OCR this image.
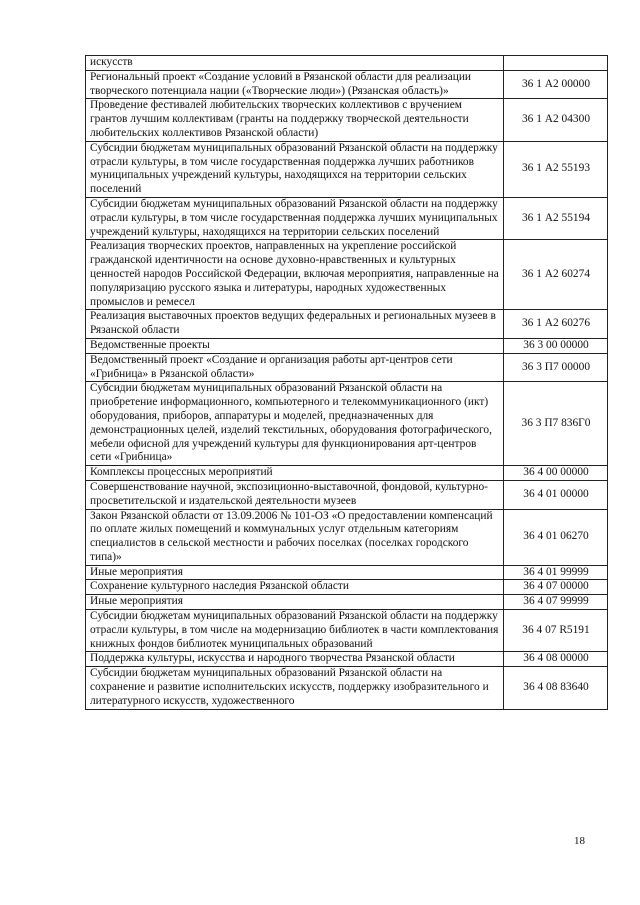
искусств	
Региональный проект «Создание условий в Рязанской области для реализации творческого потенциала нации («Творческие люди») (Рязанская область)»	36 1 А2 00000
Проведение фестивалей любительских творческих коллективов с вручением грантов лучшим коллективам (гранты на поддержку творческой деятельности любительских коллективов Рязанской области)	36 1 А2 04300
Субсидии бюджетам муниципальных образований Рязанской области на поддержку отрасли культуры, в том числе государственная поддержка лучших работников муниципальных учреждений культуры, находящихся на территории сельских поселений	36 1 А2 55193
Субсидии бюджетам муниципальных образований Рязанской области на поддержку отрасли культуры, в том числе государственная поддержка лучших муниципальных учреждений культуры, находящихся на территории сельских поселений	36 1 А2 55194
Реализация творческих проектов, направленных на укрепление российской гражданской идентичности на основе духовно-нравственных и культурных ценностей народов Российской Федерации, включая мероприятия, направленные на популяризацию русского языка и литературы, народных художественных промыслов и ремесел	36 1 А2 60274
Реализация выставочных проектов ведущих федеральных и региональных музеев в Рязанской области	36 1 А2 60276
Ведомственные проекты	36 3 00 00000
Ведомственный проект «Создание и организация работы арт-центров сети «Грибница» в Рязанской области»	36 3 П7 00000
Субсидии бюджетам муниципальных образований Рязанской области на приобретение информационного, компьютерного и телекоммуникационного (икт) оборудования, приборов, аппаратуры и моделей, предназначенных для демонстрационных целей, изделий текстильных, оборудования фотографического, мебели офисной для учреждений культуры для функционирования арт-центров сети «Грибница»	36 3 П7 836Г0
Комплексы процессных мероприятий	36 4 00 00000
Совершенствование научной, экспозиционно-выставочной, фондовой, культурно-просветительской и издательской деятельности музеев	36 4 01 00000
Закон Рязанской области от 13.09.2006 № 101-ОЗ «О предоставлении компенсаций по оплате жилых помещений и коммунальных услуг отдельным категориям специалистов в сельской местности и рабочих поселках (поселках городского типа)»	36 4 01 06270
Иные мероприятия	36 4 01 99999
Сохранение культурного наследия Рязанской области	36 4 07 00000
Иные мероприятия	36 4 07 99999
Субсидии бюджетам муниципальных образований Рязанской области на поддержку отрасли культуры, в том числе на модернизацию библиотек в части комплектования книжных фондов библиотек муниципальных образований	36 4 07 R5191
Поддержка культуры, искусства и народного творчества Рязанской области	36 4 08 00000
Субсидии бюджетам муниципальных образований Рязанской области на сохранение и развитие исполнительских искусств, поддержку изобразительного и литературного искусств, художественного	36 4 08 83640
18
